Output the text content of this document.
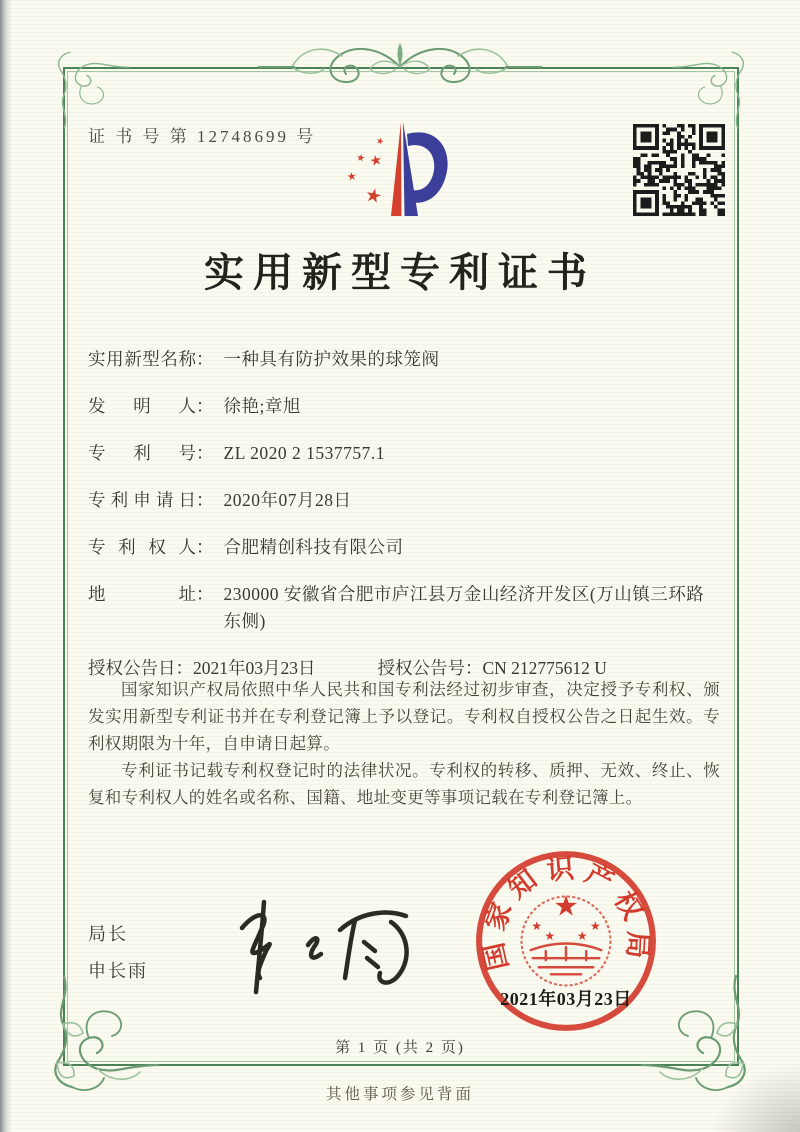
证 书 号 第 12748699 号	★
★
★
★
★
实用新型专利证书
实用新型名称 ： 一种具有防护效果的球笼阀
发明人 ： 徐艳;章旭
专利号 ： ZL 2020 2 1537757.1
专利申请日 ： 2020年07月28日
专利权人 ： 合肥精创科技有限公司
地址 ： 230000 安徽省合肥市庐江县万金山经济开发区(万山镇三环路东侧)
授权公告日 ： 2021年03月23日	授权公告号 ： CN 212775612 U

国家知识产权局依照中华人民共和国专利法经过初步审查，决定授予专利权、颁发实用新型专利证书并在专利登记簿上予以登记。专利权自授权公告之日起生效。专利权期限为十年，自申请日起算。

专利证书记载专利权登记时的法律状况。专利权的转移、质押、无效、终止、恢复和专利权人的姓名或名称、国籍、地址变更等事项记载在专利登记簿上。

局长
申长雨	国家知识产权局
★
★	★
★ ★
2021年03月23日
第 1 页 (共 2 页)
其他事项参见背面
